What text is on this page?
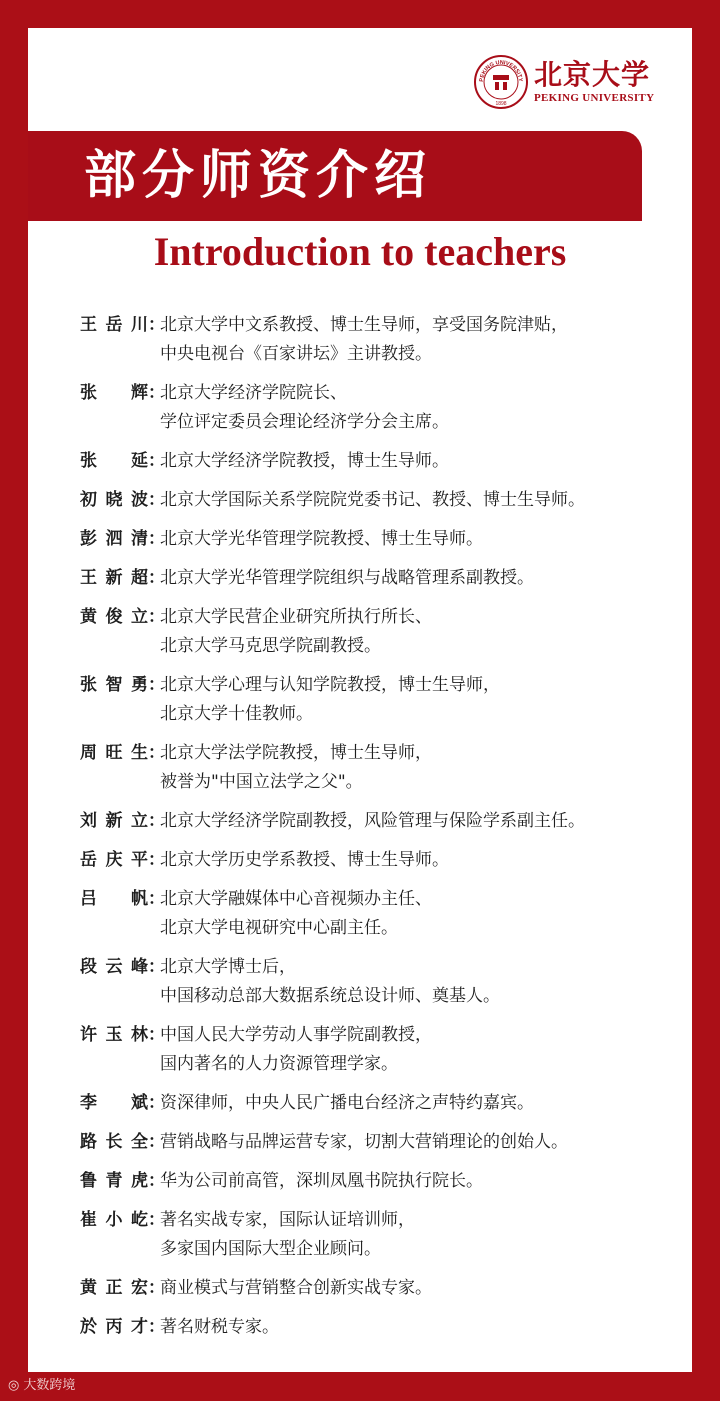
PEKING UNIVERSITY
1898
北京大学
PEKING UNIVERSITY
部分师资介绍
Introduction to teachers
王岳川 ：
北京大学中文系教授、博士生导师，享受国务院津贴，
中央电视台《百家讲坛》主讲教授。
张辉 ：
北京大学经济学院院长、
学位评定委员会理论经济学分会主席。
张延 ：
北京大学经济学院教授，博士生导师。
初晓波 ：
北京大学国际关系学院院党委书记、教授、博士生导师。
彭泗清 ：
北京大学光华管理学院教授、博士生导师。
王新超 ：
北京大学光华管理学院组织与战略管理系副教授。
黄俊立 ：
北京大学民营企业研究所执行所长、
北京大学马克思学院副教授。
张智勇 ：
北京大学心理与认知学院教授，博士生导师，
北京大学十佳教师。
周旺生 ：
北京大学法学院教授，博士生导师，
被誉为"中国立法学之父"。
刘新立 ：
北京大学经济学院副教授，风险管理与保险学系副主任。
岳庆平 ：
北京大学历史学系教授、博士生导师。
吕帆 ：
北京大学融媒体中心音视频办主任、
北京大学电视研究中心副主任。
段云峰 ：
北京大学博士后，
中国移动总部大数据系统总设计师、奠基人。
许玉林 ：
中国人民大学劳动人事学院副教授，
国内著名的人力资源管理学家。
李斌 ：
资深律师，中央人民广播电台经济之声特约嘉宾。
路长全 ：
营销战略与品牌运营专家，切割大营销理论的创始人。
鲁青虎 ：
华为公司前高管，深圳凤凰书院执行院长。
崔小屹 ：
著名实战专家，国际认证培训师，
多家国内国际大型企业顾问。
黄正宏 ：
商业模式与营销整合创新实战专家。
於丙才 ：
著名财税专家。
᠍◎ 大数跨境
